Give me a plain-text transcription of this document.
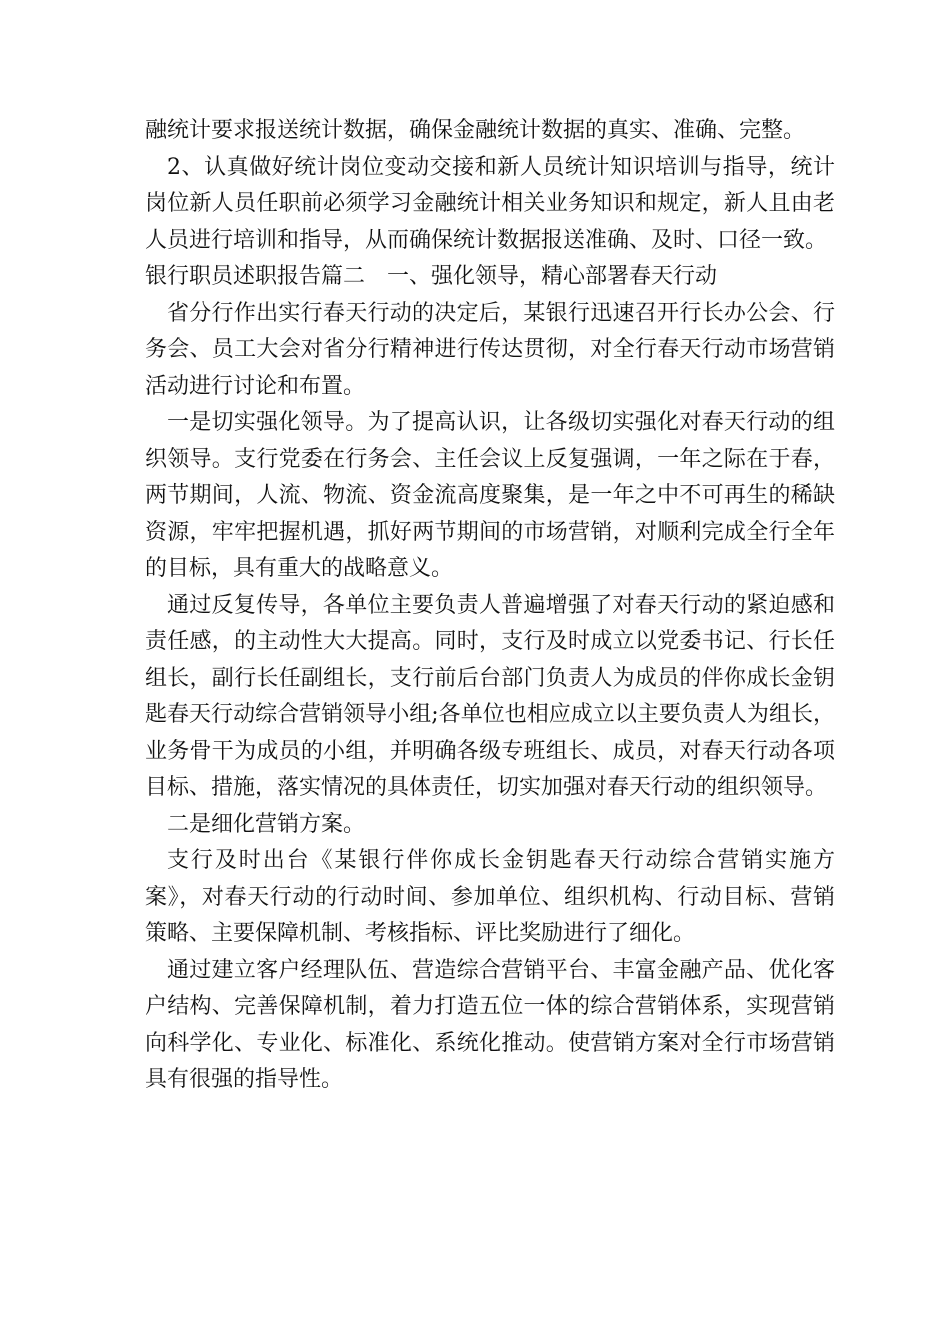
融统计要求报送统计数据，确保金融统计数据的真实、准确、完整。

2、认真做好统计岗位变动交接和新人员统计知识培训与指导，统计岗位新人员任职前必须学习金融统计相关业务知识和规定，新人且由老人员进行培训和指导，从而确保统计数据报送准确、及时、口径一致。

银行职员述职报告篇二　一、强化领导，精心部署春天行动

省分行作出实行春天行动的决定后，某银行迅速召开行长办公会、行务会、员工大会对省分行精神进行传达贯彻，对全行春天行动市场营销活动进行讨论和布置。

一是切实强化领导。为了提高认识，让各级切实强化对春天行动的组织领导。支行党委在行务会、主任会议上反复强调，一年之际在于春，两节期间，人流、物流、资金流高度聚集，是一年之中不可再生的稀缺资源，牢牢把握机遇，抓好两节期间的市场营销，对顺利完成全行全年的目标，具有重大的战略意义。

通过反复传导，各单位主要负责人普遍增强了对春天行动的紧迫感和责任感，的主动性大大提高。同时，支行及时成立以党委书记、行长任组长，副行长任副组长，支行前后台部门负责人为成员的伴你成长金钥匙春天行动综合营销领导小组;各单位也相应成立以主要负责人为组长，业务骨干为成员的小组，并明确各级专班组长、成员，对春天行动各项目标、措施，落实情况的具体责任，切实加强对春天行动的组织领导。

二是细化营销方案。

支行及时出台《某银行伴你成长金钥匙春天行动综合营销实施方案》，对春天行动的行动时间、参加单位、组织机构、行动目标、营销策略、主要保障机制、考核指标、评比奖励进行了细化。

通过建立客户经理队伍、营造综合营销平台、丰富金融产品、优化客户结构、完善保障机制，着力打造五位一体的综合营销体系，实现营销向科学化、专业化、标准化、系统化推动。使营销方案对全行市场营销具有很强的指导性。
